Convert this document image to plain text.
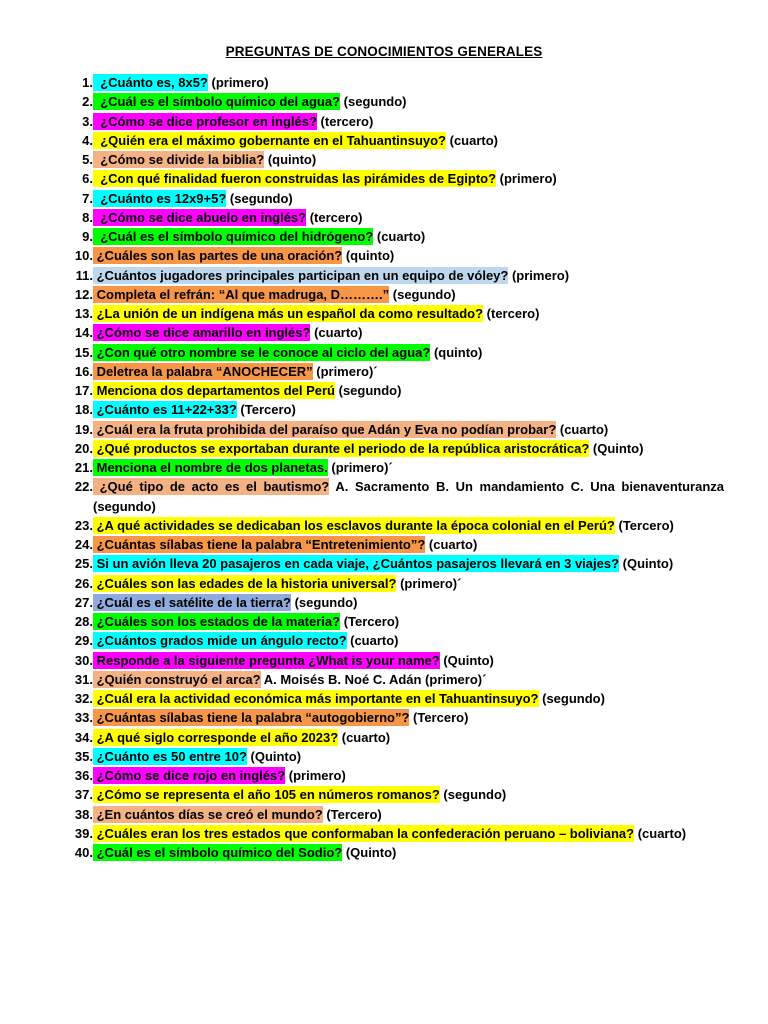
PREGUNTAS DE CONOCIMIENTOS GENERALES
1. ¿Cuánto es, 8x5? (primero)
2. ¿Cuál es el símbolo químico del agua? (segundo)
3. ¿Cómo se dice profesor en inglés? (tercero)
4. ¿Quién era el máximo gobernante en el Tahuantinsuyo? (cuarto)
5. ¿Cómo se divide la biblia? (quinto)
6. ¿Con qué finalidad fueron construidas las pirámides de Egipto? (primero)
7. ¿Cuánto es 12x9+5? (segundo)
8. ¿Cómo se dice abuelo en inglés? (tercero)
9. ¿Cuál es el símbolo químico del hidrógeno? (cuarto)
10. ¿Cuáles son las partes de una oración? (quinto)
11. ¿Cuántos jugadores principales participan en un equipo de vóley? (primero)
12. Completa el refrán: “Al que madruga, D……….” (segundo)
13. ¿La unión de un indígena más un español da como resultado? (tercero)
14. ¿Cómo se dice amarillo en inglés? (cuarto)
15. ¿Con qué otro nombre se le conoce al ciclo del agua? (quinto)
16. Deletrea la palabra “ANOCHECER” (primero)´
17. Menciona dos departamentos del Perú (segundo)
18. ¿Cuánto es 11+22+33? (Tercero)
19. ¿Cuál era la fruta prohibida del paraíso que Adán y Eva no podían probar? (cuarto)
20. ¿Qué productos se exportaban durante el periodo de la república aristocrática? (Quinto)
21. Menciona el nombre de dos planetas. (primero)´
22. ¿Qué tipo de acto es el bautismo? A. Sacramento B. Un mandamiento C. Una bienaventuranza (segundo)
23. ¿A qué actividades se dedicaban los esclavos durante la época colonial en el Perú? (Tercero)
24. ¿Cuántas sílabas tiene la palabra “Entretenimiento”? (cuarto)
25. Si un avión lleva 20 pasajeros en cada viaje, ¿Cuántos pasajeros llevará en 3 viajes? (Quinto)
26. ¿Cuáles son las edades de la historia universal? (primero)´
27. ¿Cuál es el satélite de la tierra? (segundo)
28. ¿Cuáles son los estados de la materia? (Tercero)
29. ¿Cuántos grados mide un ángulo recto? (cuarto)
30. Responde a la siguiente pregunta ¿What is your name? (Quinto)
31. ¿Quién construyó el arca? A. Moisés B. Noé C. Adán (primero)´
32. ¿Cuál era la actividad económica más importante en el Tahuantinsuyo? (segundo)
33. ¿Cuántas sílabas tiene la palabra “autogobierno”? (Tercero)
34. ¿A qué siglo corresponde el año 2023? (cuarto)
35. ¿Cuánto es 50 entre 10? (Quinto)
36. ¿Cómo se dice rojo en inglés? (primero)
37. ¿Cómo se representa el año 105 en números romanos? (segundo)
38. ¿En cuántos días se creó el mundo? (Tercero)
39. ¿Cuáles eran los tres estados que conformaban la confederación peruano – boliviana? (cuarto)
40. ¿Cuál es el símbolo químico del Sodio? (Quinto)
